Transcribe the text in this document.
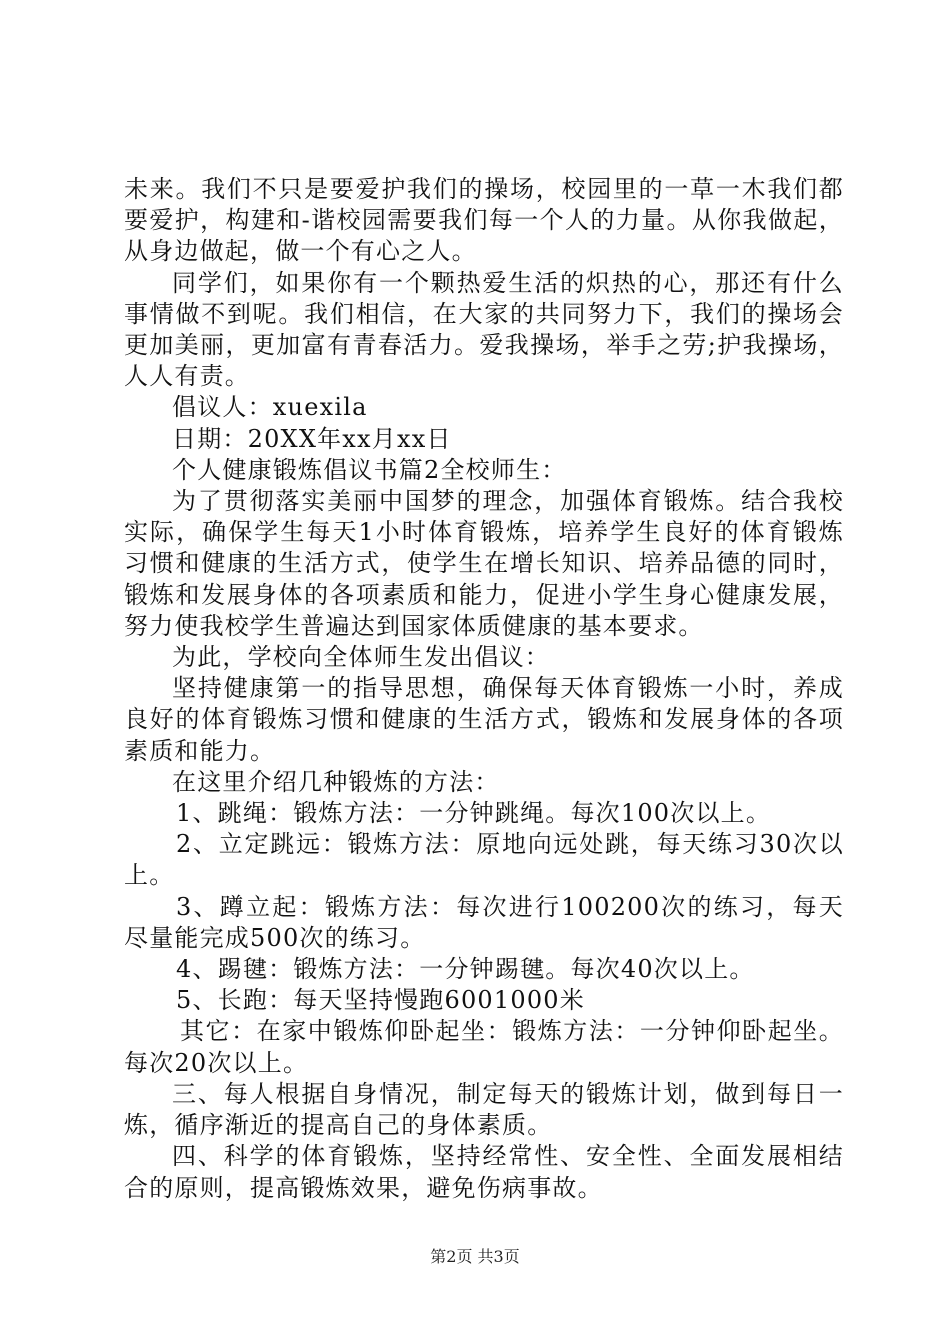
未来。我们不只是要爱护我们的操场，校园里的一草一木我们都要爱护，构建和-谐校园需要我们每一个人的力量。从你我做起，从身边做起，做一个有心之人。

同学们，如果你有一个颗热爱生活的炽热的心，那还有什么事情做不到呢。我们相信，在大家的共同努力下，我们的操场会更加美丽，更加富有青春活力。爱我操场，举手之劳;护我操场，人人有责。

倡议人：xuexila

日期：20XX年xx月xx日

个人健康锻炼倡议书篇2全校师生：

为了贯彻落实美丽中国梦的理念，加强体育锻炼。结合我校实际，确保学生每天1小时体育锻炼，培养学生良好的体育锻炼习惯和健康的生活方式，使学生在增长知识、培养品德的同时，锻炼和发展身体的各项素质和能力，促进小学生身心健康发展，努力使我校学生普遍达到国家体质健康的基本要求。

为此，学校向全体师生发出倡议：

坚持健康第一的指导思想，确保每天体育锻炼一小时，养成良好的体育锻炼习惯和健康的生活方式，锻炼和发展身体的各项素质和能力。

在这里介绍几种锻炼的方法：

1、跳绳：锻炼方法：一分钟跳绳。每次100次以上。

2、立定跳远：锻炼方法：原地向远处跳，每天练习30次以上。

3、蹲立起：锻炼方法：每次进行100200次的练习，每天尽量能完成500次的练习。

4、踢毽：锻炼方法：一分钟踢毽。每次40次以上。

5、长跑：每天坚持慢跑6001000米

其它：在家中锻炼仰卧起坐：锻炼方法：一分钟仰卧起坐。每次20次以上。

三、每人根据自身情况，制定每天的锻炼计划，做到每日一炼，循序渐近的提高自己的身体素质。

四、科学的体育锻炼，坚持经常性、安全性、全面发展相结合的原则，提高锻炼效果，避免伤病事故。

第2页 共3页
